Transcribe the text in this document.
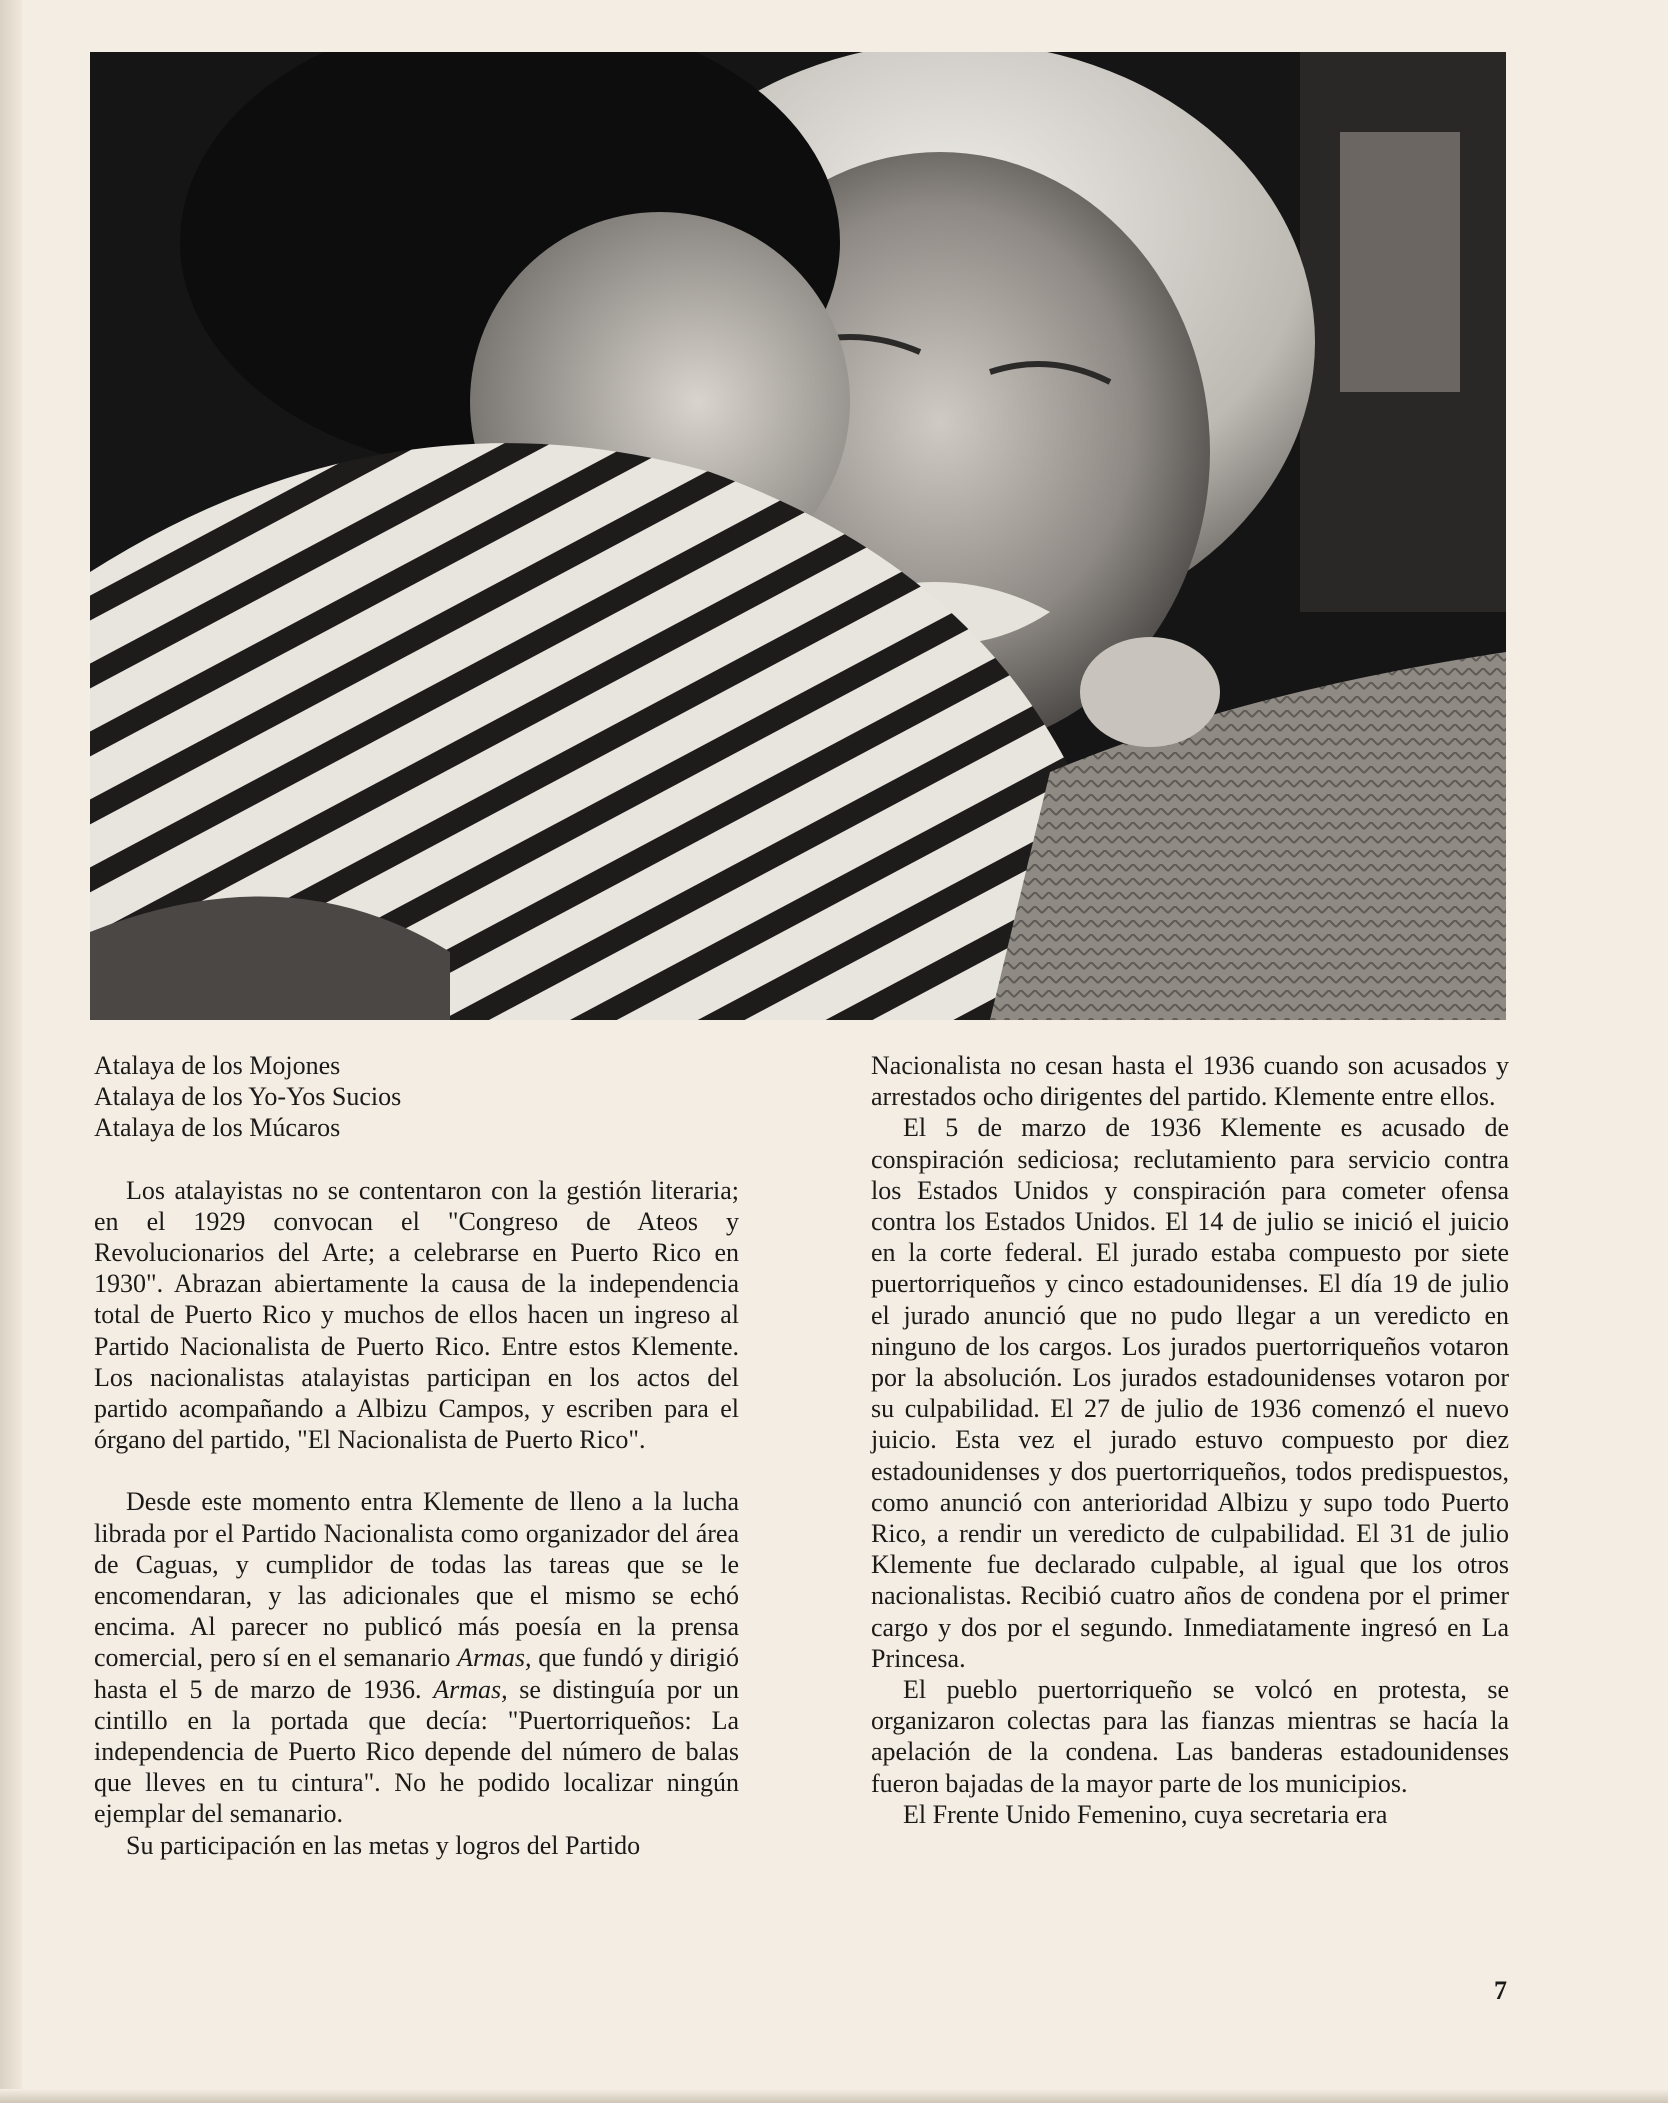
Atalaya de los Mojones
Atalaya de los Yo-Yos Sucios
Atalaya de los Múcaros

Los atalayistas no se contentaron con la gestión literaria; en el 1929 convocan el "Congreso de Ateos y Revolucionarios del Arte; a celebrarse en Puerto Rico en 1930". Abrazan abiertamente la causa de la independencia total de Puerto Rico y muchos de ellos hacen un ingreso al Partido Nacionalista de Puerto Rico. Entre estos Klemente. Los nacionalistas atalayistas participan en los actos del partido acompañando a Albizu Campos, y escriben para el órgano del partido, "El Nacionalista de Puerto Rico".

Desde este momento entra Klemente de lleno a la lucha librada por el Partido Nacionalista como organizador del área de Caguas, y cumplidor de todas las tareas que se le encomendaran, y las adicionales que el mismo se echó encima. Al parecer no publicó más poesía en la prensa comercial, pero sí en el semanario Armas, que fundó y dirigió hasta el 5 de marzo de 1936. Armas, se distinguía por un cintillo en la portada que decía: "Puertorriqueños: La independencia de Puerto Rico depende del número de balas que lleves en tu cintura". No he podido localizar ningún ejemplar del semanario.

Su participación en las metas y logros del Partido

Nacionalista no cesan hasta el 1936 cuando son acusados y arrestados ocho dirigentes del partido. Klemente entre ellos.

El 5 de marzo de 1936 Klemente es acusado de conspiración sediciosa; reclutamiento para servicio contra los Estados Unidos y conspiración para cometer ofensa contra los Estados Unidos. El 14 de julio se inició el juicio en la corte federal. El jurado estaba compuesto por siete puertorriqueños y cinco estadounidenses. El día 19 de julio el jurado anunció que no pudo llegar a un veredicto en ninguno de los cargos. Los jurados puertorriqueños votaron por la absolución. Los jurados estadounidenses votaron por su culpabilidad. El 27 de julio de 1936 comenzó el nuevo juicio. Esta vez el jurado estuvo compuesto por diez estadounidenses y dos puertorriqueños, todos predispuestos, como anunció con anterioridad Albizu y supo todo Puerto Rico, a rendir un veredicto de culpabilidad. El 31 de julio Klemente fue declarado culpable, al igual que los otros nacionalistas. Recibió cuatro años de condena por el primer cargo y dos por el segundo. Inmediatamente ingresó en La Princesa.

El pueblo puertorriqueño se volcó en protesta, se organizaron colectas para las fianzas mientras se hacía la apelación de la condena. Las banderas estadounidenses fueron bajadas de la mayor parte de los municipios.

El Frente Unido Femenino, cuya secretaria era

7
